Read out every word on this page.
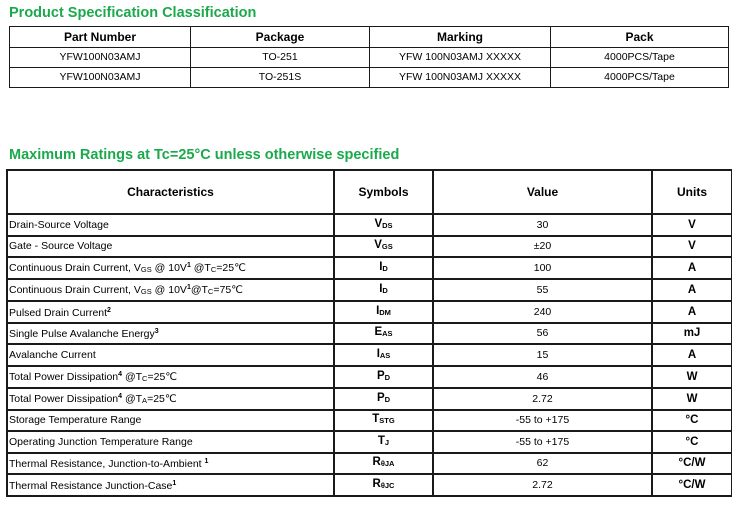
Product Specification Classification
Part Number	Package	Marking	Pack
YFW100N03AMJ	TO-251	YFW 100N03AMJ XXXXX	4000PCS/Tape
YFW100N03AMJ	TO-251S	YFW 100N03AMJ XXXXX	4000PCS/Tape
Maximum Ratings at Tc=25°C unless otherwise specified
Characteristics	Symbols	Value	Units
Drain-Source Voltage	$V_{DS}$	30	V
Gate - Source Voltage	$V_{GS}$	±20	V
Continuous Drain Current, $V_{GS}$ @ 10V$^1$ $@T_C=25℃$	$I_D$	100	A
Continuous Drain Current, $V_{GS}$ @ $10V^1@T_C=75℃$	$I_D$	55	A
Pulsed Drain Current$^2$	$I_{DM}$	240	A
Single Pulse Avalanche Energy$^3$	$E_{AS}$	56	mJ
Avalanche Current	$I_{AS}$	15	A
Total Power Dissipation$^4$ $@T_C=25℃$	$P_D$	46	W
Total Power Dissipation$^4$ $@T_A=25℃$	$P_D$	2.72	W
Storage Temperature Range	$T_{STG}$	-55 to +175	°C
Operating Junction Temperature Range	$T_J$	-55 to +175	°C
Thermal Resistance, Junction-to-Ambient $^1$	$R_{\theta JA}$	62	°C/W
Thermal Resistance Junction-Case$^1$	$R_{\theta JC}$	2.72	°C/W
